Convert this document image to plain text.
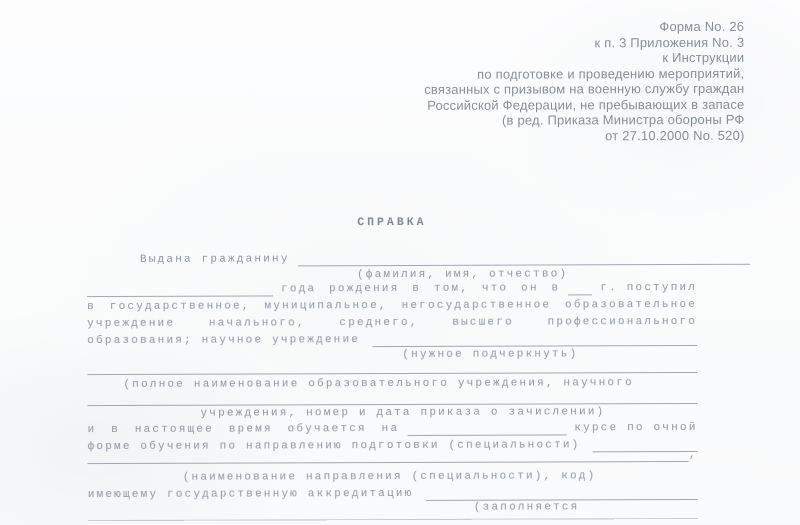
Форма No. 26
к п. 3 Приложения No. 3
к Инструкции
по подготовке и проведению мероприятий,
связанных с призывом на военную службу граждан
Российской Федерации, не пребывающих в запасе
(в ред. Приказа Министра обороны РФ
от 27.10.2000 No. 520)
СПРАВКА
Выдана гражданину
(фамилия, имя, отчество)
года рождения в том, что он в	г. поступил
в государственное, муниципальное, негосударственное образовательное
учреждение	начального,	среднего,	высшего	профессионального
образования; научное учреждение
(нужное подчеркнуть)
(полное наименование образовательного учреждения, научного
учреждения, номер и дата приказа о зачислении)
и в настоящее время обучается на	курсе по очной
форме обучения по направлению подготовки (специальности)
,
(наименование направления (специальности), код)
имеющему государственную аккредитацию
(заполняется
